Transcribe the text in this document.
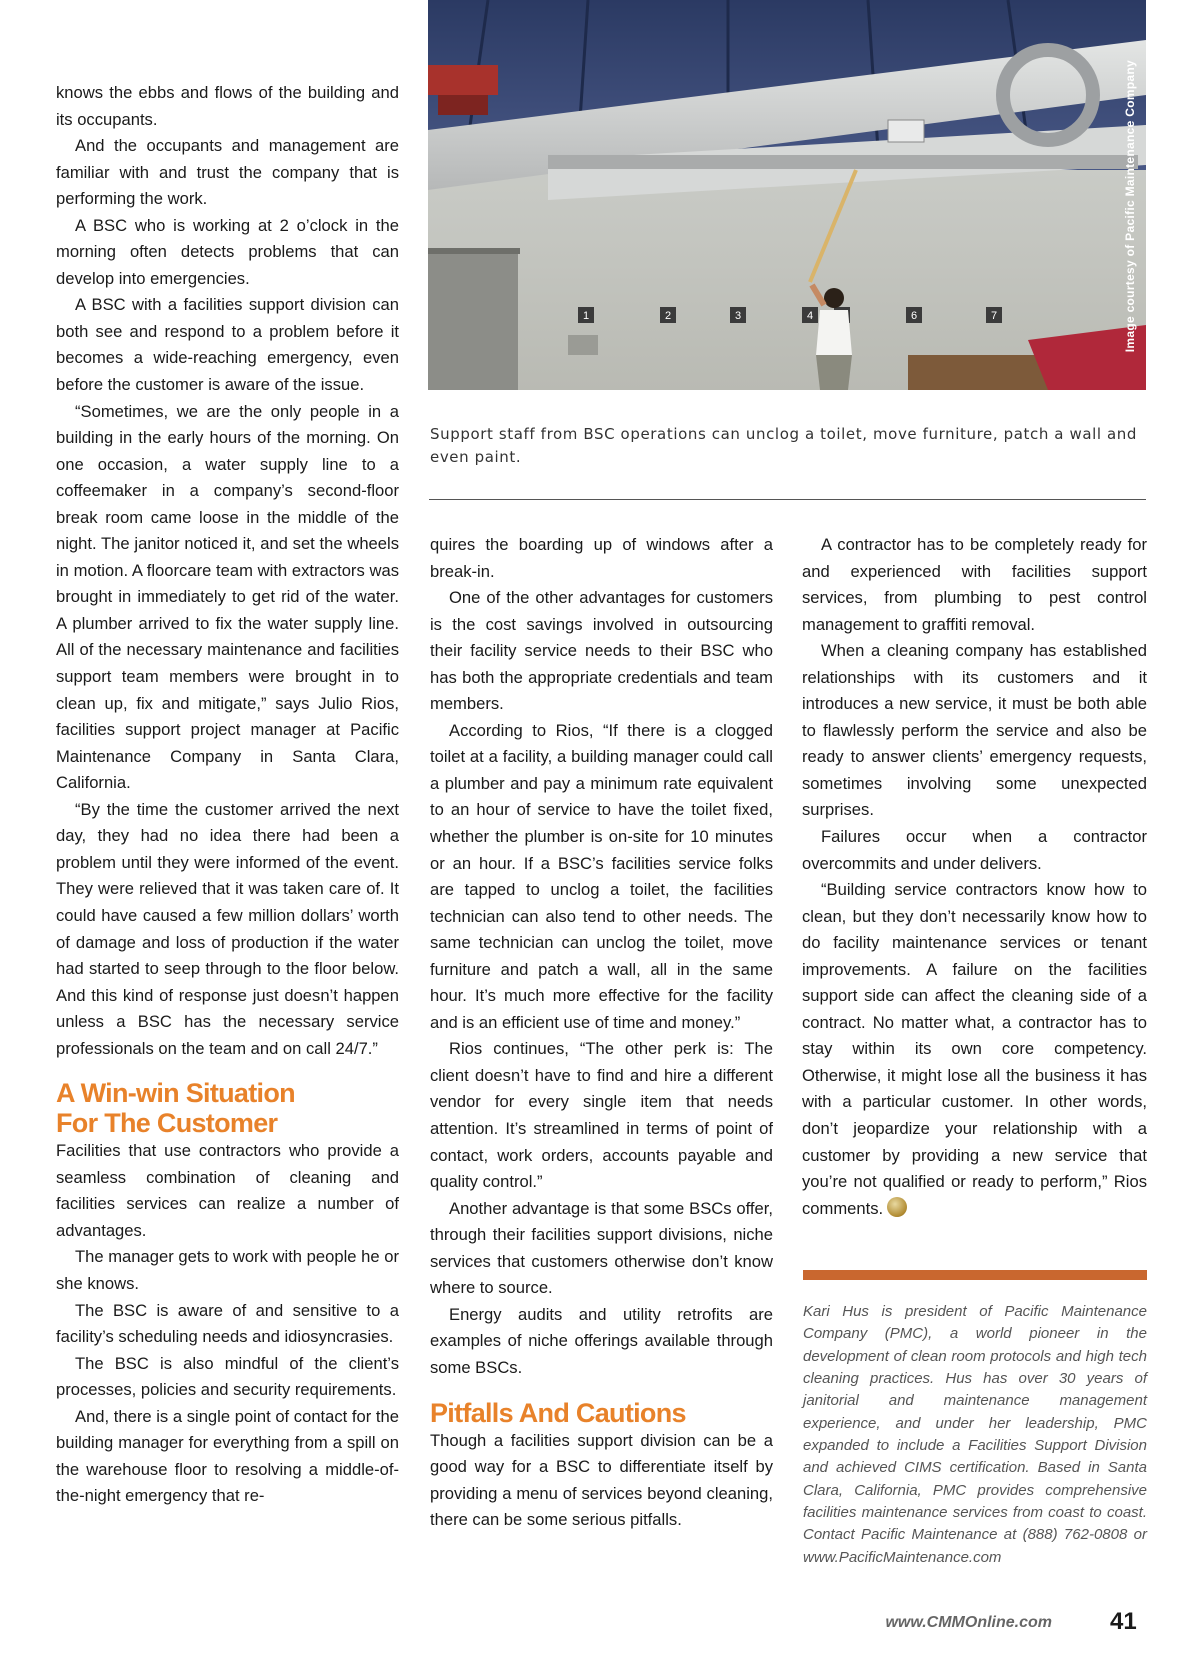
knows the ebbs and flows of the building and its occupants.

And the occupants and management are familiar with and trust the company that is performing the work.

A BSC who is working at 2 o’clock in the morning often detects problems that can develop into emergencies.

A BSC with a facilities support division can both see and respond to a problem before it becomes a wide-reaching emergency, even before the customer is aware of the issue.

“Sometimes, we are the only people in a building in the early hours of the morning. On one occasion, a water supply line to a coffeemaker in a company’s second-floor break room came loose in the middle of the night. The janitor noticed it, and set the wheels in motion. A floorcare team with extractors was brought in immediately to get rid of the water. A plumber arrived to fix the water supply line. All of the necessary maintenance and facilities support team members were brought in to clean up, fix and mitigate,” says Julio Rios, facilities support project manager at Pacific Maintenance Company in Santa Clara, California.

“By the time the customer arrived the next day, they had no idea there had been a problem until they were informed of the event. They were relieved that it was taken care of. It could have caused a few million dollars’ worth of damage and loss of production if the water had started to seep through to the floor below. And this kind of response just doesn’t happen unless a BSC has the necessary service professionals on the team and on call 24/7.”

A Win-win Situation
For The Customer

Facilities that use contractors who provide a seamless combination of cleaning and facilities services can realize a number of advantages.

The manager gets to work with people he or she knows.

The BSC is aware of and sensitive to a facility’s scheduling needs and idiosyncrasies.

The BSC is also mindful of the client’s processes, policies and security requirements.

And, there is a single point of contact for the building manager for everything from a spill on the warehouse floor to resolving a middle-of-the-night emergency that re-

1	2	3	4	6	7	Image courtesy of Pacific Maintenance Company
Support staff from BSC operations can unclog a toilet, move furniture, patch a wall and even paint.

quires the boarding up of windows after a break-in.

One of the other advantages for customers is the cost savings involved in outsourcing their facility service needs to their BSC who has both the appropriate credentials and team members.

According to Rios, “If there is a clogged toilet at a facility, a building manager could call a plumber and pay a minimum rate equivalent to an hour of service to have the toilet fixed, whether the plumber is on-site for 10 minutes or an hour. If a BSC’s facilities service folks are tapped to unclog a toilet, the facilities technician can also tend to other needs. The same technician can unclog the toilet, move furniture and patch a wall, all in the same hour. It’s much more effective for the facility and is an efficient use of time and money.”

Rios continues, “The other perk is: The client doesn’t have to find and hire a different vendor for every single item that needs attention. It’s streamlined in terms of point of contact, work orders, accounts payable and quality control.”

Another advantage is that some BSCs offer, through their facilities support divisions, niche services that customers otherwise don’t know where to source.

Energy audits and utility retrofits are examples of niche offerings available through some BSCs.

Pitfalls And Cautions

Though a facilities support division can be a good way for a BSC to differentiate itself by providing a menu of services beyond cleaning, there can be some serious pitfalls.

A contractor has to be completely ready for and experienced with facilities support services, from plumbing to pest control management to graffiti removal.

When a cleaning company has established relationships with its customers and it introduces a new service, it must be both able to flawlessly perform the service and also be ready to answer clients’ emergency requests, sometimes involving some unexpected surprises.

Failures occur when a contractor overcommits and under delivers.

“Building service contractors know how to clean, but they don’t necessarily know how to do facility maintenance services or tenant improvements. A failure on the facilities support side can affect the cleaning side of a contract. No matter what, a contractor has to stay within its own core competency. Otherwise, it might lose all the business it has with a particular customer. In other words, don’t jeopardize your relationship with a customer by providing a new service that you’re not qualified or ready to perform,” Rios comments.

Kari Hus is president of Pacific Maintenance Company (PMC), a world pioneer in the development of clean room protocols and high tech cleaning practices. Hus has over 30 years of janitorial and maintenance management experience, and under her leadership, PMC expanded to include a Facilities Support Division and achieved CIMS certification. Based in Santa Clara, California, PMC provides comprehensive facilities maintenance services from coast to coast. Contact Pacific Maintenance at (888) 762-0808 or www.PacificMaintenance.com

www.CMMOnline.com 41
